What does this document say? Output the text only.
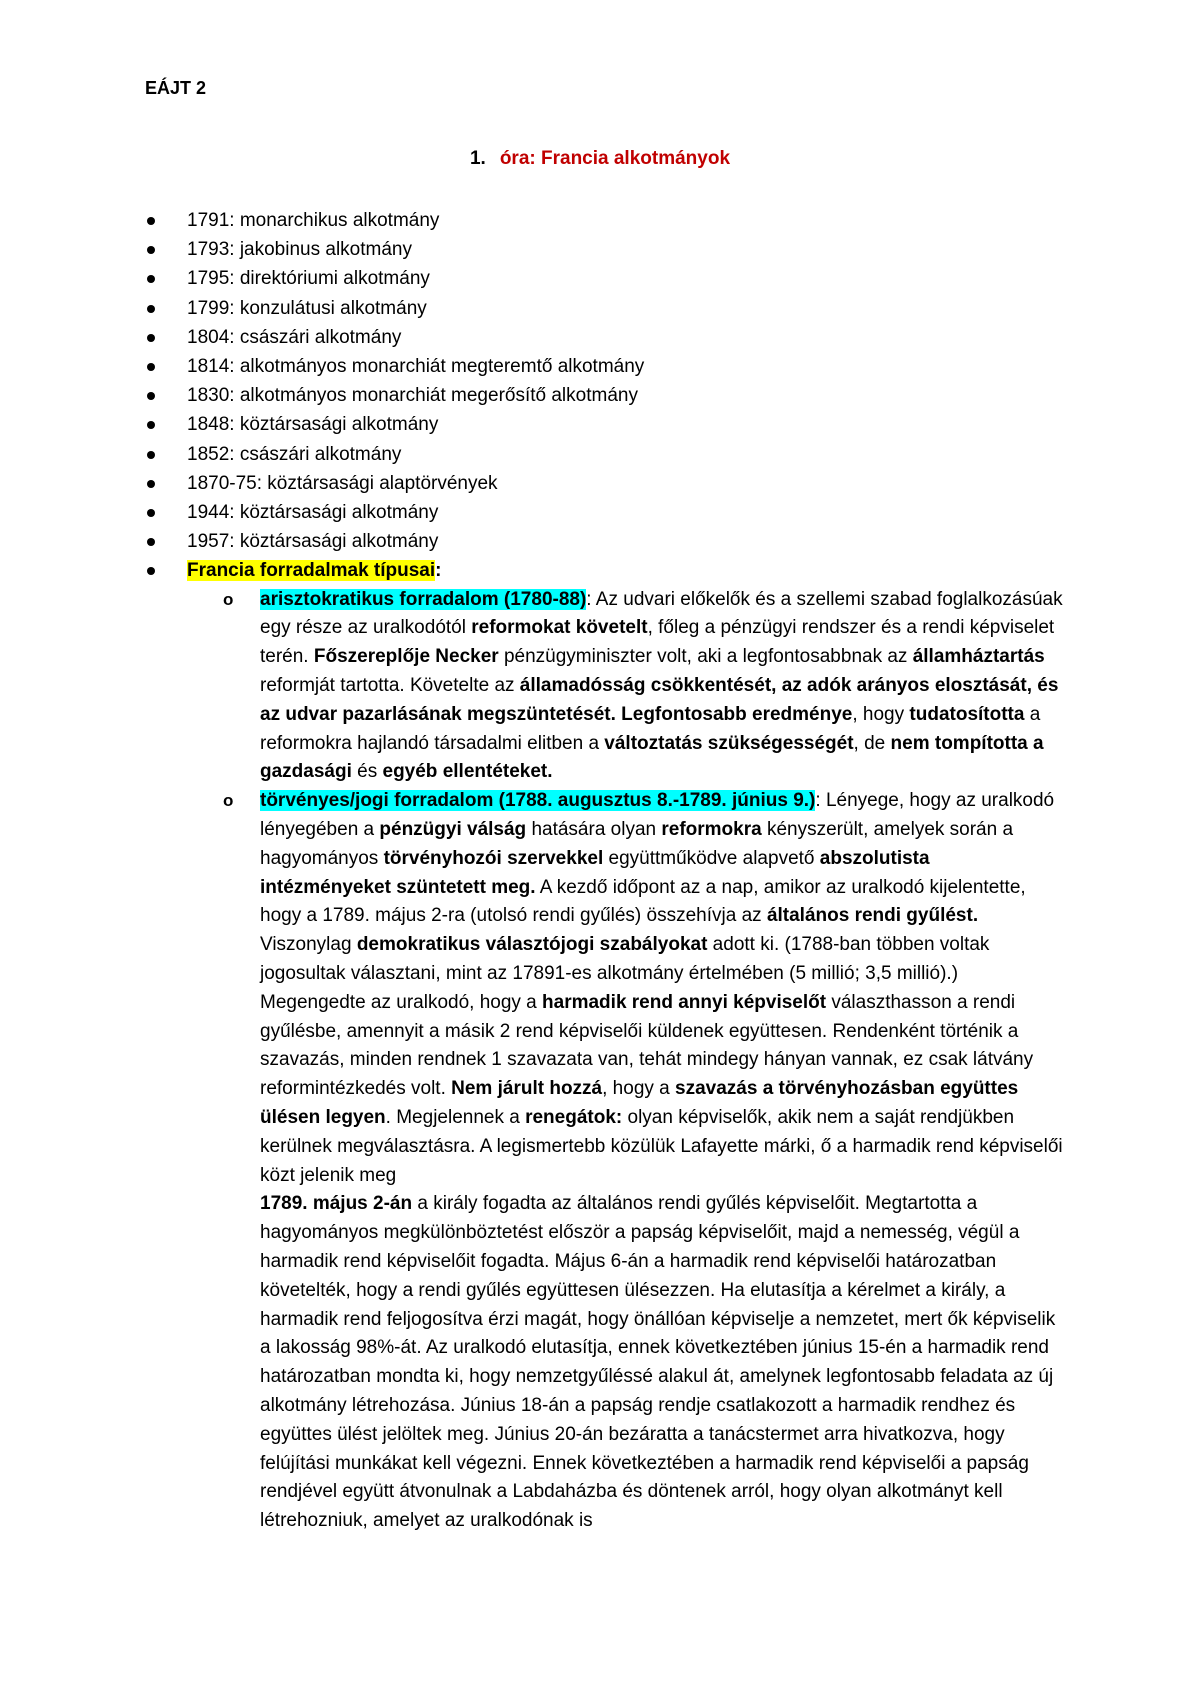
EÁJT 2
1. óra: Francia alkotmányok
1791: monarchikus alkotmány
1793: jakobinus alkotmány
1795: direktóriumi alkotmány
1799: konzulátusi alkotmány
1804: császári alkotmány
1814: alkotmányos monarchiát megteremtő alkotmány
1830: alkotmányos monarchiát megerősítő alkotmány
1848: köztársasági alkotmány
1852: császári alkotmány
1870-75: köztársasági alaptörvények
1944: köztársasági alkotmány
1957: köztársasági alkotmány
Francia forradalmak típusai:
o arisztokratikus forradalom (1780-88): Az udvari előkelők és a szellemi szabad foglalkozásúak egy része az uralkodótól reformokat követelt, főleg a pénzügyi rendszer és a rendi képviselet terén. Főszereplője Necker pénzügyminiszter volt, aki a legfontosabbnak az államháztartás reformját tartotta. Követelte az államadósság csökkentését, az adók arányos elosztását, és az udvar pazarlásának megszüntetését. Legfontosabb eredménye, hogy tudatosította a reformokra hajlandó társadalmi elitben a változtatás szükségességét, de nem tompította a gazdasági és egyéb ellentéteket.
o törvényes/jogi forradalom (1788. augusztus 8.-1789. június 9.): Lényege, hogy az uralkodó lényegében a pénzügyi válság hatására olyan reformokra kényszerült, amelyek során a hagyományos törvényhozói szervekkel együttműködve alapvető abszolutista intézményeket szüntetett meg. A kezdő időpont az a nap, amikor az uralkodó kijelentette, hogy a 1789. május 2-ra (utolsó rendi gyűlés) összehívja az általános rendi gyűlést. Viszonylag demokratikus választójogi szabályokat adott ki. (1788-ban többen voltak jogosultak választani, mint az 17891-es alkotmány értelmében (5 millió; 3,5 millió).) Megengedte az uralkodó, hogy a harmadik rend annyi képviselőt választhasson a rendi gyűlésbe, amennyit a másik 2 rend képviselői küldenek együttesen. Rendenként történik a szavazás, minden rendnek 1 szavazata van, tehát mindegy hányan vannak, ez csak látvány reformintézkedés volt. Nem járult hozzá, hogy a szavazás a törvényhozásban együttes ülésen legyen. Megjelennek a renegátok: olyan képviselők, akik nem a saját rendjükben kerülnek megválasztásra. A legismertebb közülük Lafayette márki, ő a harmadik rend képviselői közt jelenik meg
1789. május 2-án a király fogadta az általános rendi gyűlés képviselőit. Megtartotta a hagyományos megkülönböztetést először a papság képviselőit, majd a nemesség, végül a harmadik rend képviselőit fogadta. Május 6-án a harmadik rend képviselői határozatban követelték, hogy a rendi gyűlés együttesen ülésezzen. Ha elutasítja a kérelmet a király, a harmadik rend feljogosítva érzi magát, hogy önállóan képviselje a nemzetet, mert ők képviselik a lakosság 98%-át. Az uralkodó elutasítja, ennek következtében június 15-én a harmadik rend határozatban mondta ki, hogy nemzetgyűléssé alakul át, amelynek legfontosabb feladata az új alkotmány létrehozása. Június 18-án a papság rendje csatlakozott a harmadik rendhez és együttes ülést jelöltek meg. Június 20-án bezáratta a tanácstermet arra hivatkozva, hogy felújítási munkákat kell végezni. Ennek következtében a harmadik rend képviselői a papság rendjével együtt átvonulnak a Labdaházba és döntenek arról, hogy olyan alkotmányt kell létrehozniuk, amelyet az uralkodónak is
